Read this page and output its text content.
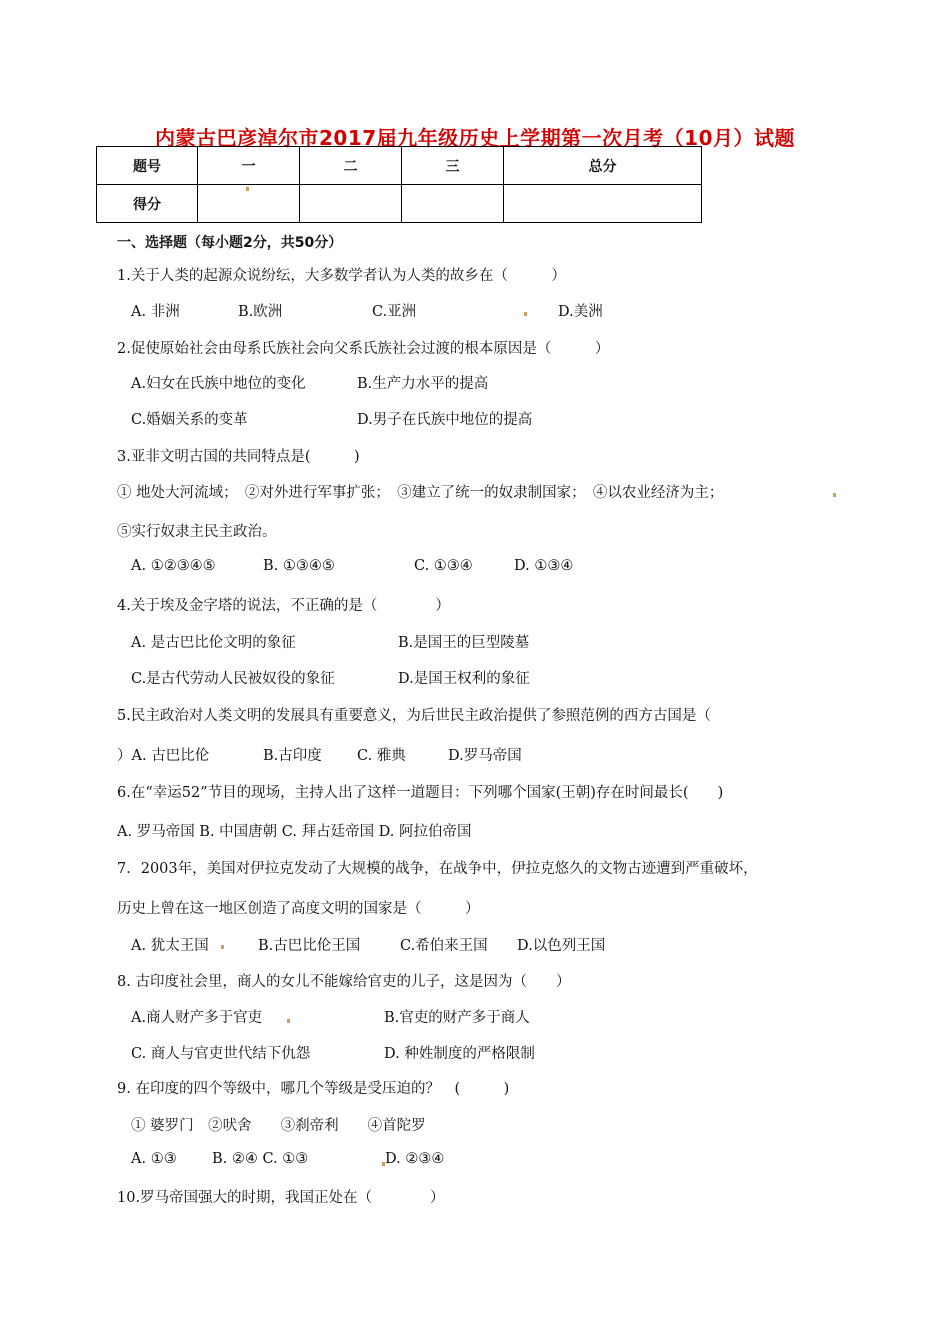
内蒙古巴彦淖尔市2017届九年级历史上学期第一次月考（10月）试题
题号	一	二	三	总分
得分				
一、选择题（每小题2分，共50分）
1.关于人类的起源众说纷纭，大多数学者认为人类的故乡在（　　　）
A. 非洲	B.欧洲	C.亚洲	D.美洲
2.促使原始社会由母系氏族社会向父系氏族社会过渡的根本原因是（　　　）
A.妇女在氏族中地位的变化	B.生产力水平的提高
C.婚姻关系的变革	D.男子在氏族中地位的提高
3.亚非文明古国的共同特点是(　　　)
① 地处大河流域；　②对外进行军事扩张；　③建立了统一的奴隶制国家；　④以农业经济为主；
⑤实行奴隶主民主政治。
A. ①②③④⑤	B. ①③④⑤	C. ①③④	D. ①③④
4.关于埃及金字塔的说法，不正确的是（　　　　）
A. 是古巴比伦文明的象征	B.是国王的巨型陵墓
C.是古代劳动人民被奴役的象征	D.是国王权利的象征
5.民主政治对人类文明的发展具有重要意义，为后世民主政治提供了参照范例的西方古国是（
）A. 古巴比伦	B.古印度 C. 雅典	D.罗马帝国
6.在“幸运52”节目的现场，主持人出了这样一道题目：下列哪个国家(王朝)存在时间最长(　　)
A. 罗马帝国 B. 中国唐朝 C. 拜占廷帝国 D. 阿拉伯帝国
7．2003年，美国对伊拉克发动了大规模的战争，在战争中，伊拉克悠久的文物古迹遭到严重破坏，
历史上曾在这一地区创造了高度文明的国家是（　　　）
A. 犹太王国	B.古巴比伦王国	C.希伯来王国 D.以色列王国
8. 古印度社会里，商人的女儿不能嫁给官吏的儿子，这是因为（　　）
A.商人财产多于官吏	B.官吏的财产多于商人
C. 商人与官吏世代结下仇怨	D. 种姓制度的严格限制
9. 在印度的四个等级中，哪几个等级是受压迫的？　(　　　)
① 婆罗门　②吠舍　　③刹帝利　　④首陀罗
A. ①③ B. ②④ C. ①③	D. ②③④
10.罗马帝国强大的时期，我国正处在（　　　　）
